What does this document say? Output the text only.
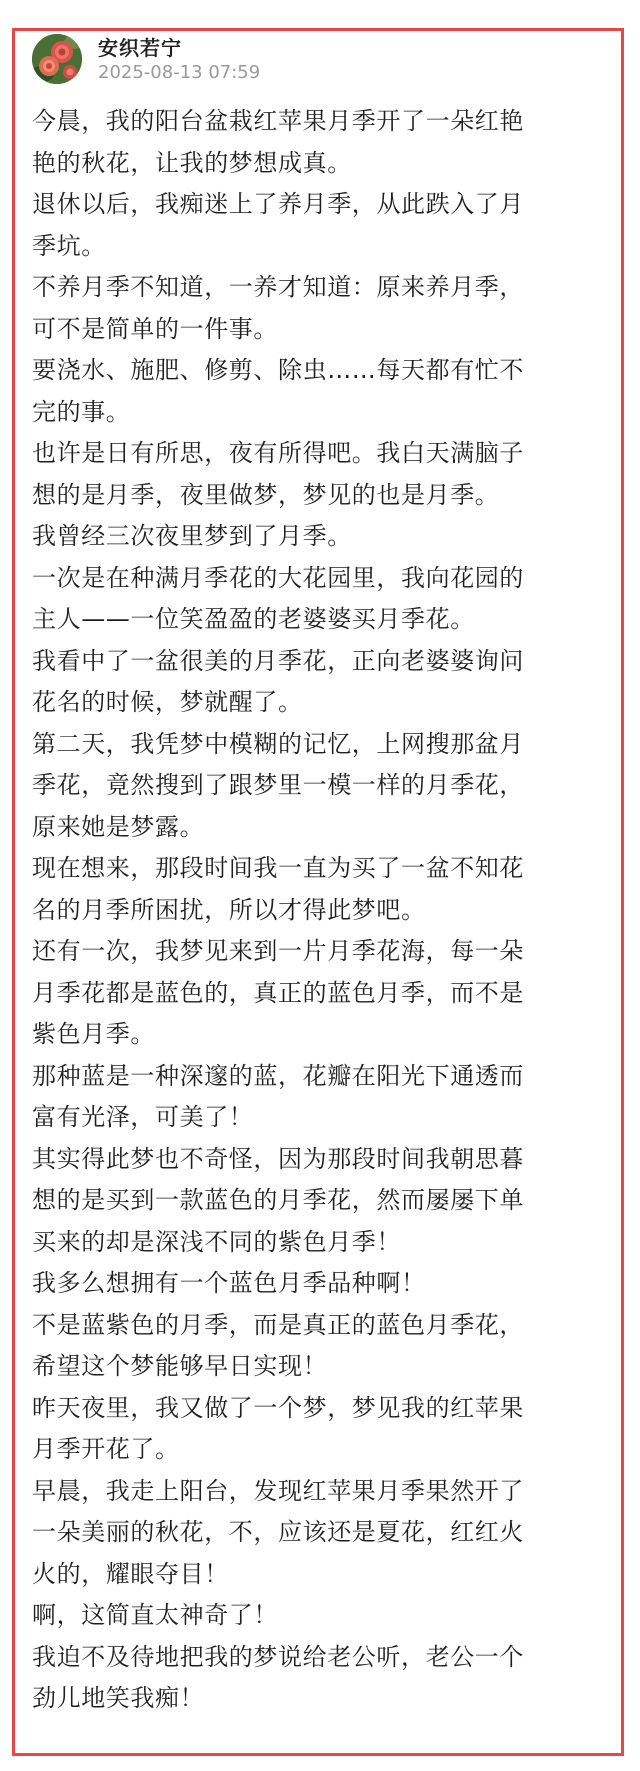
安织若宁
2025-08-13 07:59

今晨，我的阳台盆栽红苹果月季开了一朵红艳
艳的秋花，让我的梦想成真。

退休以后，我痴迷上了养月季，从此跌入了月
季坑。

不养月季不知道，一养才知道：原来养月季，
可不是简单的一件事。

要浇水、施肥、修剪、除虫……每天都有忙不
完的事。

也许是日有所思，夜有所得吧。我白天满脑子
想的是月季，夜里做梦，梦见的也是月季。

我曾经三次夜里梦到了月季。

一次是在种满月季花的大花园里，我向花园的
主人——一位笑盈盈的老婆婆买月季花。

我看中了一盆很美的月季花，正向老婆婆询问
花名的时候，梦就醒了。

第二天，我凭梦中模糊的记忆，上网搜那盆月
季花，竟然搜到了跟梦里一模一样的月季花，
原来她是梦露。

现在想来，那段时间我一直为买了一盆不知花
名的月季所困扰，所以才得此梦吧。

还有一次，我梦见来到一片月季花海，每一朵
月季花都是蓝色的，真正的蓝色月季，而不是
紫色月季。

那种蓝是一种深邃的蓝，花瓣在阳光下通透而
富有光泽，可美了！

其实得此梦也不奇怪，因为那段时间我朝思暮
想的是买到一款蓝色的月季花，然而屡屡下单
买来的却是深浅不同的紫色月季！

我多么想拥有一个蓝色月季品种啊！

不是蓝紫色的月季，而是真正的蓝色月季花，
希望这个梦能够早日实现！

昨天夜里，我又做了一个梦，梦见我的红苹果
月季开花了。

早晨，我走上阳台，发现红苹果月季果然开了
一朵美丽的秋花，不，应该还是夏花，红红火
火的，耀眼夺目！

啊，这简直太神奇了！

我迫不及待地把我的梦说给老公听，老公一个
劲儿地笑我痴！
